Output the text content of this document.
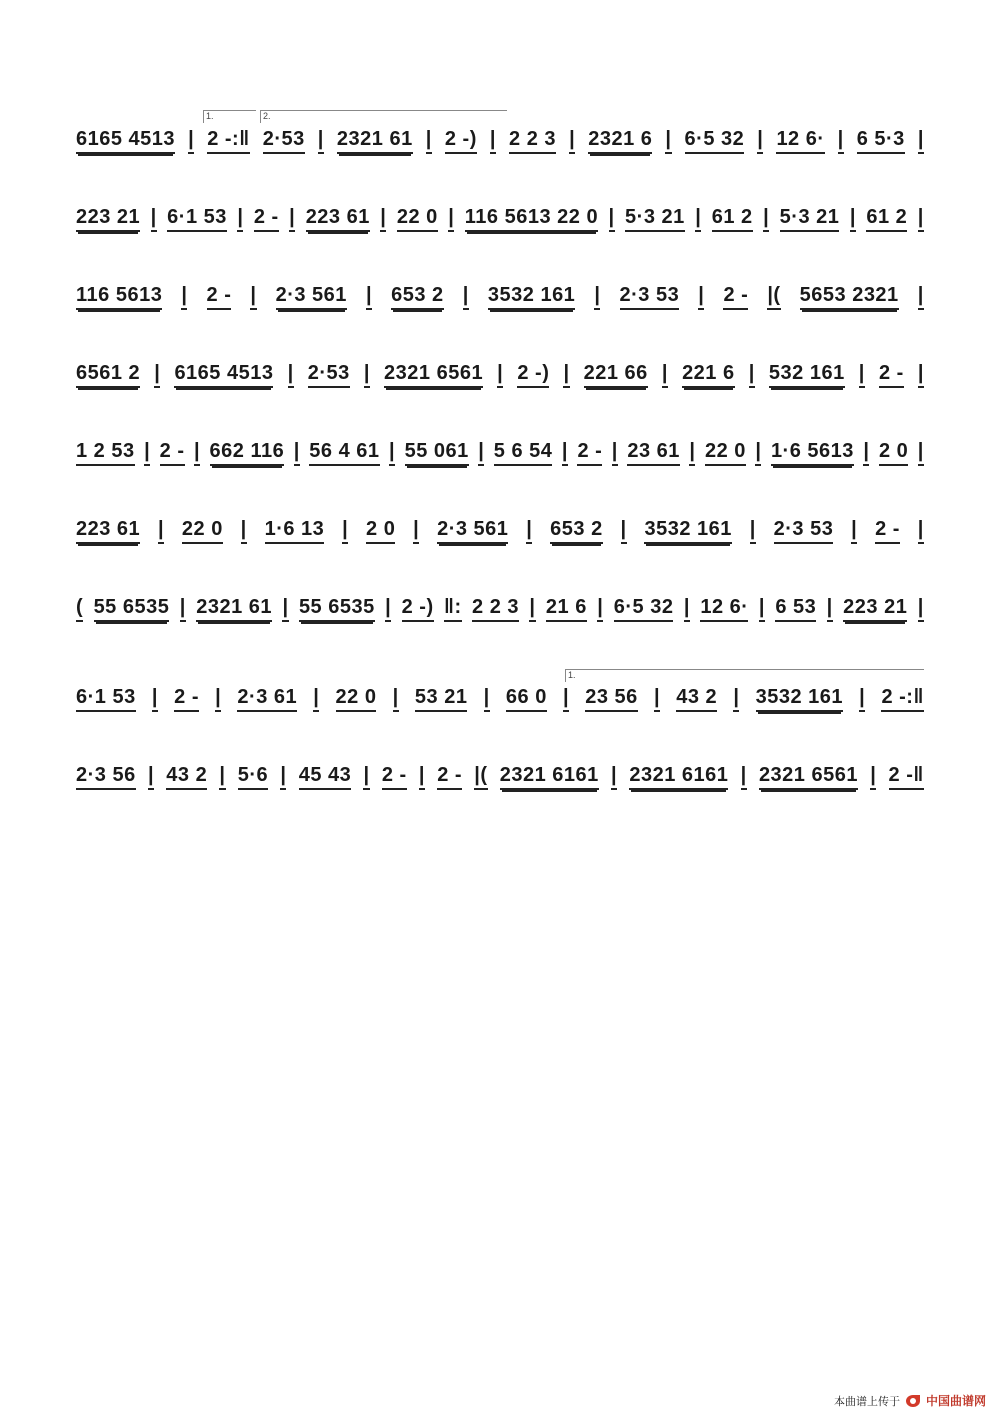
6165 4513 | 2 -:‖ 2·53 | 2321 61 | 2 -) | 2 2 3 | 2321 6 | 6·5 32 | 12 6· | 6 5·3 |
223 21 | 6·1 53 | 2 - | 223 61 | 22 0 | 116 5613 22 0 | 5·3 21 | 61 2 | 5·3 21 | 61 2 |
116 5613 | 2 - | 2·3 561 | 653 2 | 3532 161 | 2·3 53 | 2 - |( 5653 2321 |
6561 2 | 6165 4513 | 2·53 | 2321 6561 | 2 -) | 221 66 | 221 6 | 532 161 | 2 - |
1 2 53 | 2 - | 662 116 | 56 4 61 | 55 061 | 5 6 54 | 2 - | 23 61 | 22 0 | 1·6 5613 | 2 0 |
223 61 | 22 0 | 1·6 13 | 2 0 | 2·3 561 | 653 2 | 3532 161 | 2·3 53 | 2 - |
( 55 6535 | 2321 61 | 55 6535 | 2 -) ‖: 2 2 3 | 21 6 | 6·5 32 | 12 6· | 6 53 | 223 21 |
6·1 53 | 2 - | 2·3 61 | 22 0 | 53 21 | 66 0 | 23 56 | 43 2 | 3532 161 | 2 -:‖
2·3 56 | 43 2 | 5·6 | 45 43 | 2 - | 2 - |( 2321 6161 | 2321 6161 | 2321 6561 | 2 -‖
1.	2.
1.
本曲谱上传于 中国曲谱网
